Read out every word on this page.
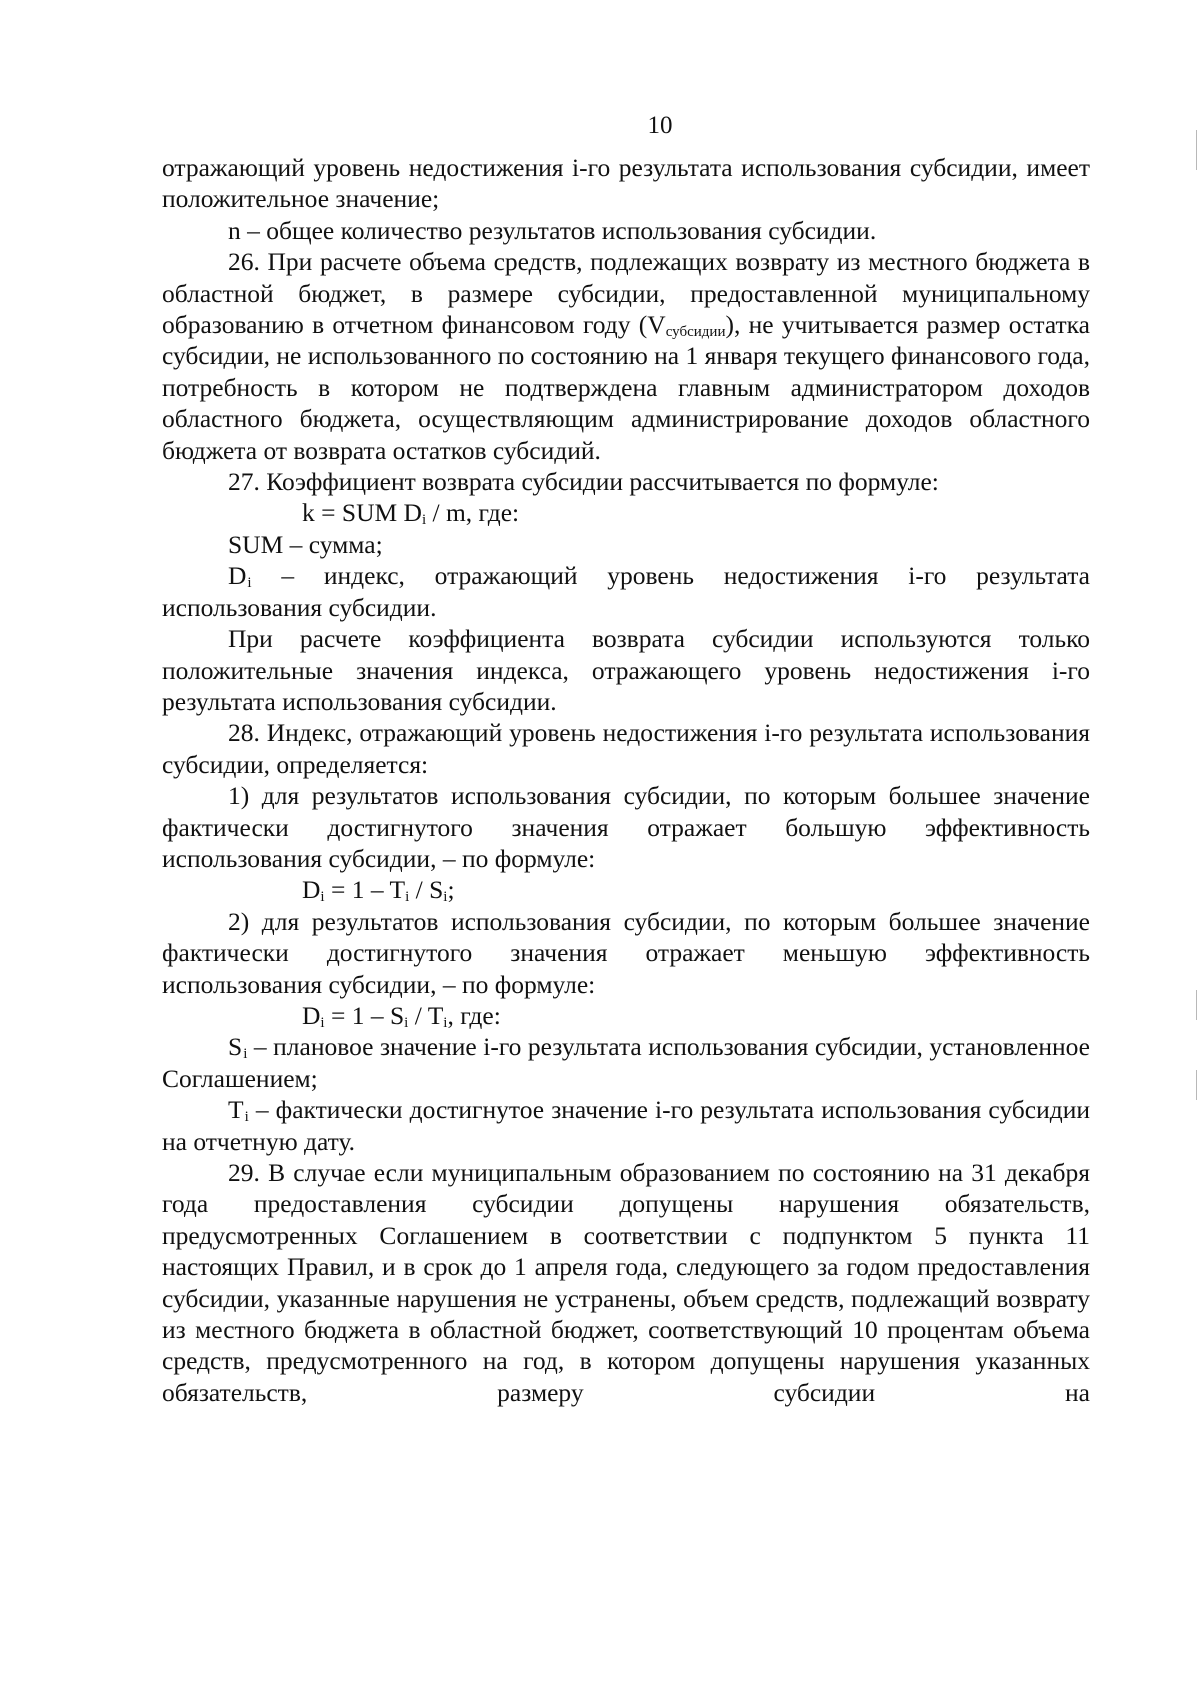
10

отражающий уровень недостижения i-го результата использования субсидии, имеет положительное значение;

n – общее количество результатов использования субсидии.

26. При расчете объема средств, подлежащих возврату из местного бюджета в областной бюджет, в размере субсидии, предоставленной муниципальному образованию в отчетном финансовом году $(V_{субсидии})$, не учитывается размер остатка субсидии, не использованного по состоянию на 1 января текущего финансового года, потребность в котором не подтверждена главным администратором доходов областного бюджета, осуществляющим администрирование доходов областного бюджета от возврата остатков субсидий.

27. Коэффициент возврата субсидии рассчитывается по формуле:

k = SUM $D_i$ / m, где:

SUM – сумма;

$D_i$ – индекс, отражающий уровень недостижения i-го результата использования субсидии.

При расчете коэффициента возврата субсидии используются только положительные значения индекса, отражающего уровень недостижения i-го результата использования субсидии.

28. Индекс, отражающий уровень недостижения i-го результата использования субсидии, определяется:

1) для результатов использования субсидии, по которым большее значение фактически достигнутого значения отражает большую эффективность использования субсидии, – по формуле:

$D_i = 1 - T_i / S_i$;

2) для результатов использования субсидии, по которым большее значение фактически достигнутого значения отражает меньшую эффективность использования субсидии, – по формуле:

$D_i = 1 - S_i / T_i$, где:

$S_i$ – плановое значение i-го результата использования субсидии, установленное Соглашением;

$T_i$ – фактически достигнутое значение i-го результата использования субсидии на отчетную дату.

29. В случае если муниципальным образованием по состоянию на 31 декабря года предоставления субсидии допущены нарушения обязательств, предусмотренных Соглашением в соответствии с подпунктом 5 пункта 11 настоящих Правил, и в срок до 1 апреля года, следующего за годом предоставления субсидии, указанные нарушения не устранены, объем средств, подлежащий возврату из местного бюджета в областной бюджет, соответствующий 10 процентам объема средств, предусмотренного на год, в котором допущены нарушения указанных обязательств, размеру субсидии на
